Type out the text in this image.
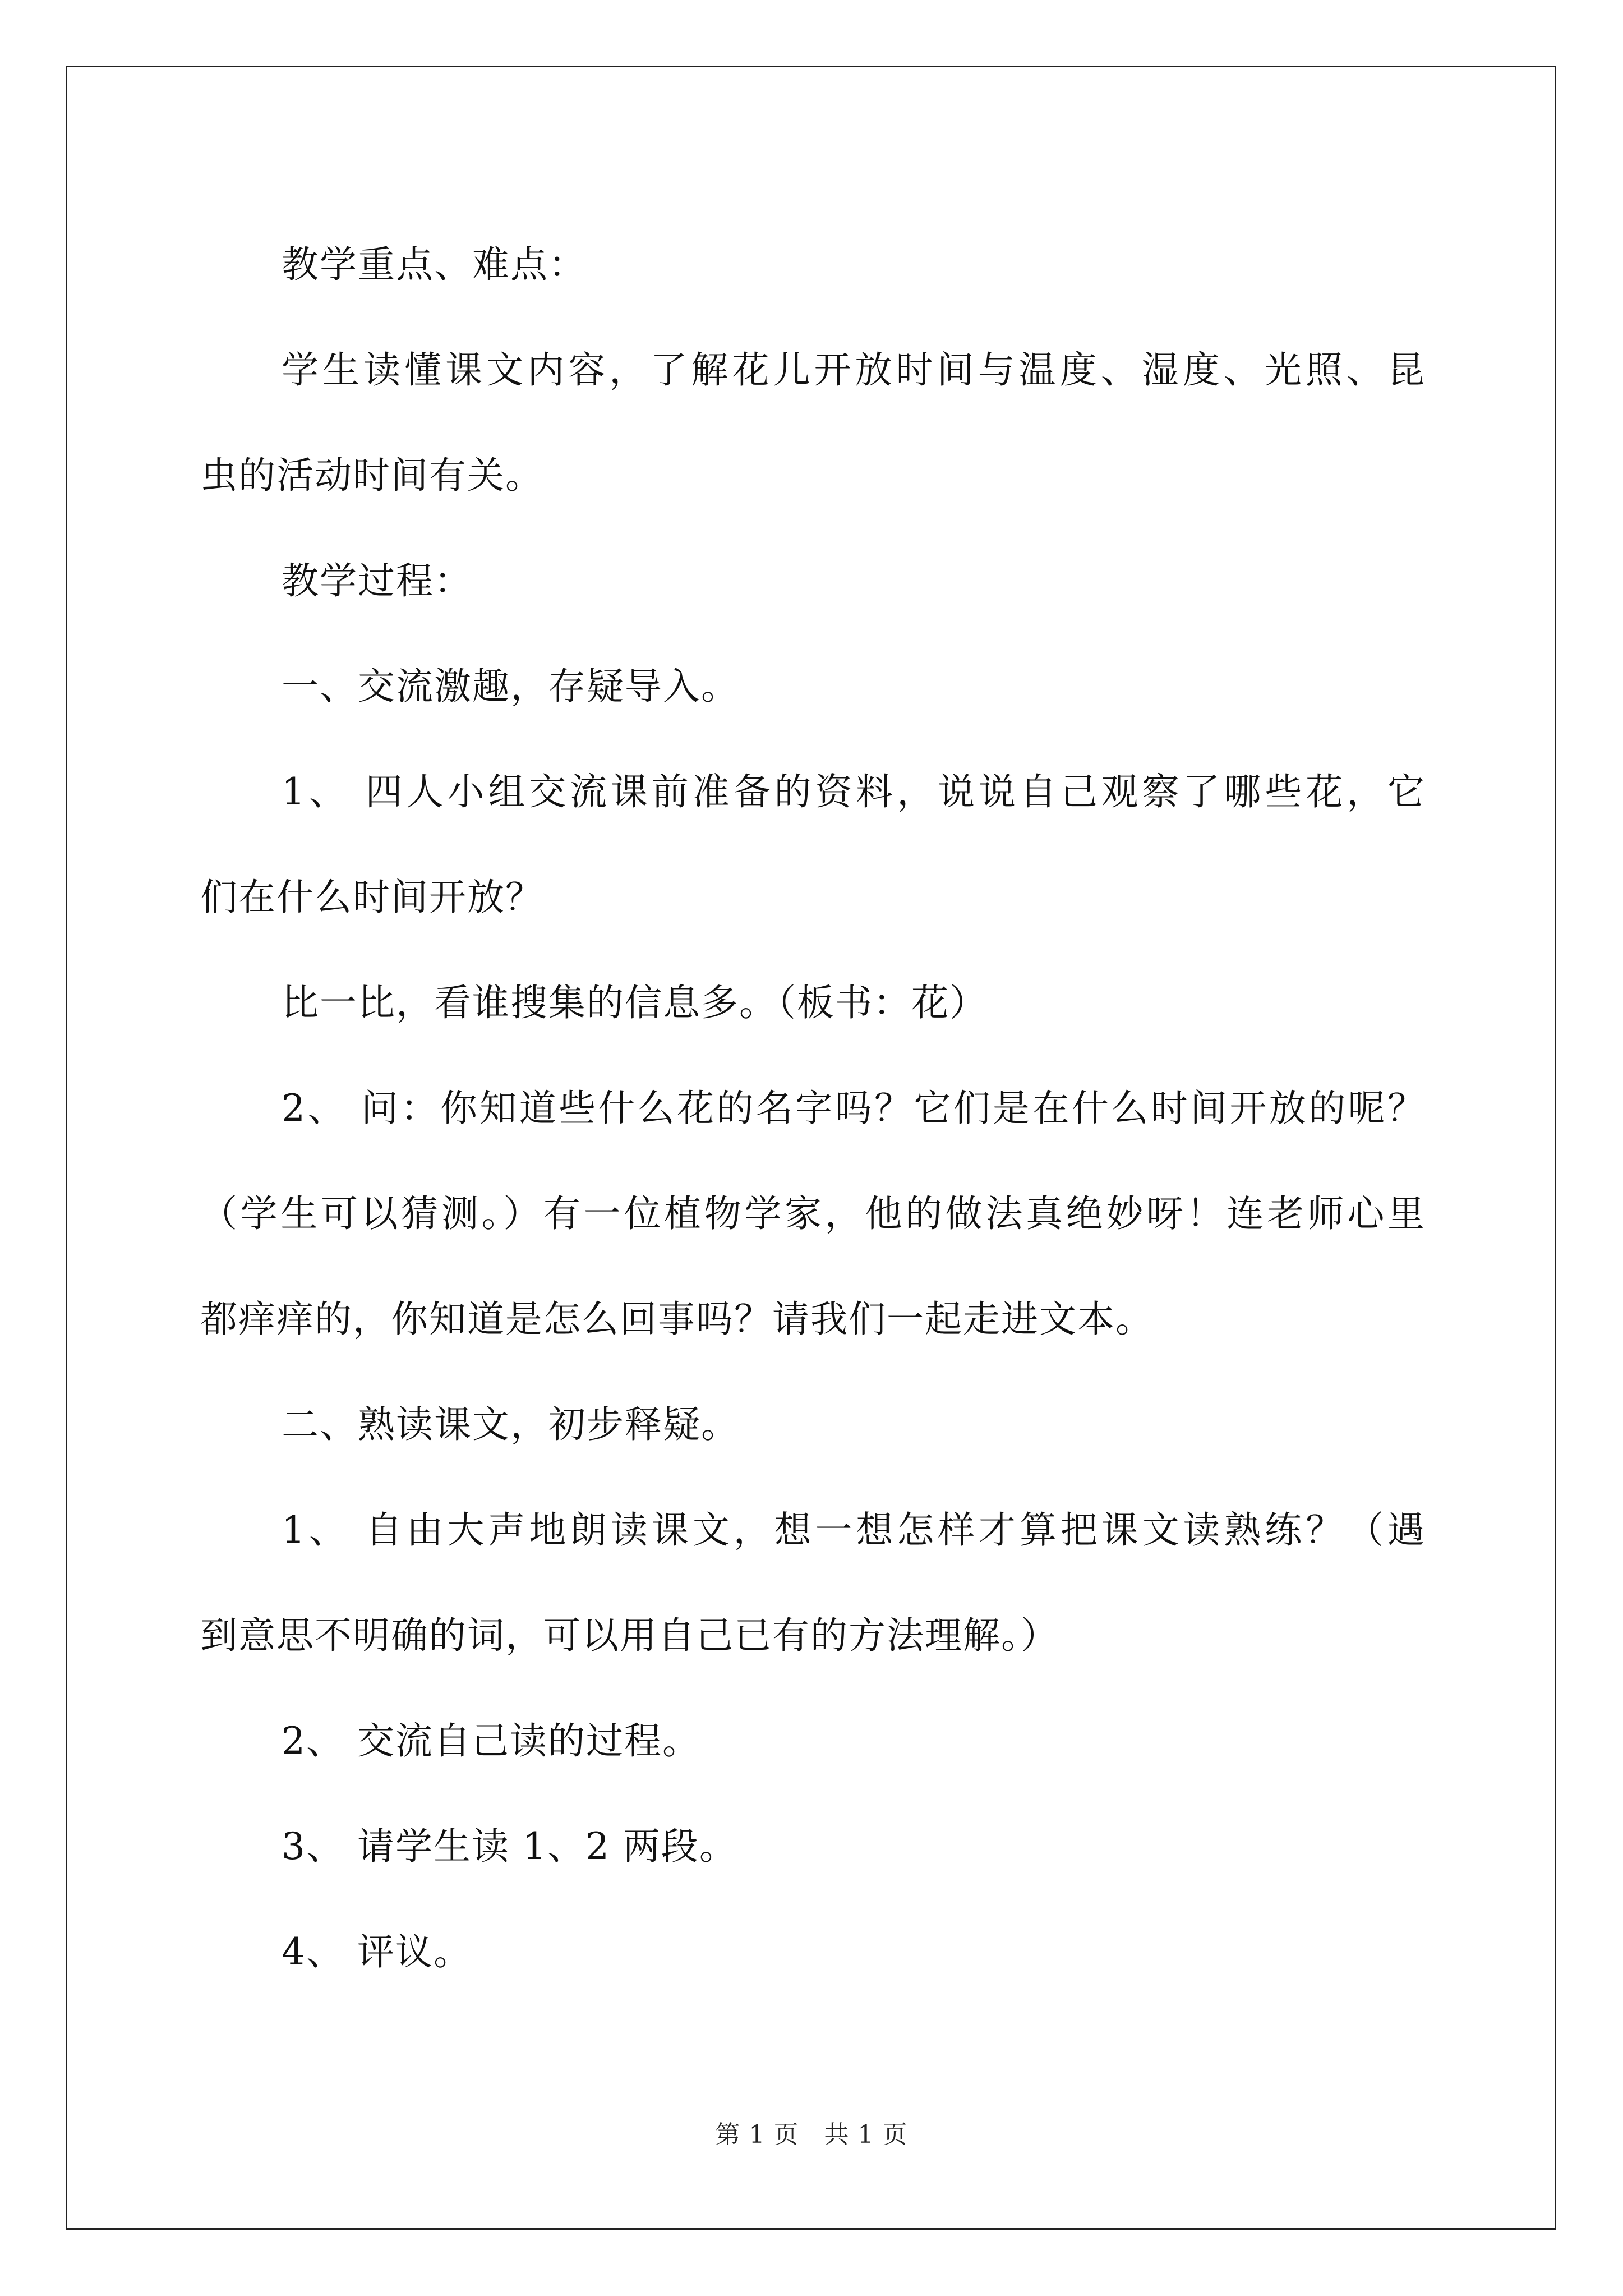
教学重点、难点：
学生读懂课文内容，了解花儿开放时间与温度、湿度、光照、昆
虫的活动时间有关。
教学过程：
一、交流激趣，存疑导入。
1、 四人小组交流课前准备的资料，说说自己观察了哪些花，它
们在什么时间开放？
比一比，看谁搜集的信息多。（板书：花）
2、 问：你知道些什么花的名字吗？它们是在什么时间开放的呢？
（学生可以猜测。）有一位植物学家，他的做法真绝妙呀！连老师心里
都痒痒的，你知道是怎么回事吗？请我们一起走进文本。
二、熟读课文，初步释疑。
1、 自由大声地朗读课文，想一想怎样才算把课文读熟练？（遇
到意思不明确的词，可以用自己已有的方法理解。）
2、 交流自己读的过程。
3、 请学生读 1、2 两段。
4、 评议。
第 1 页　共 1 页
